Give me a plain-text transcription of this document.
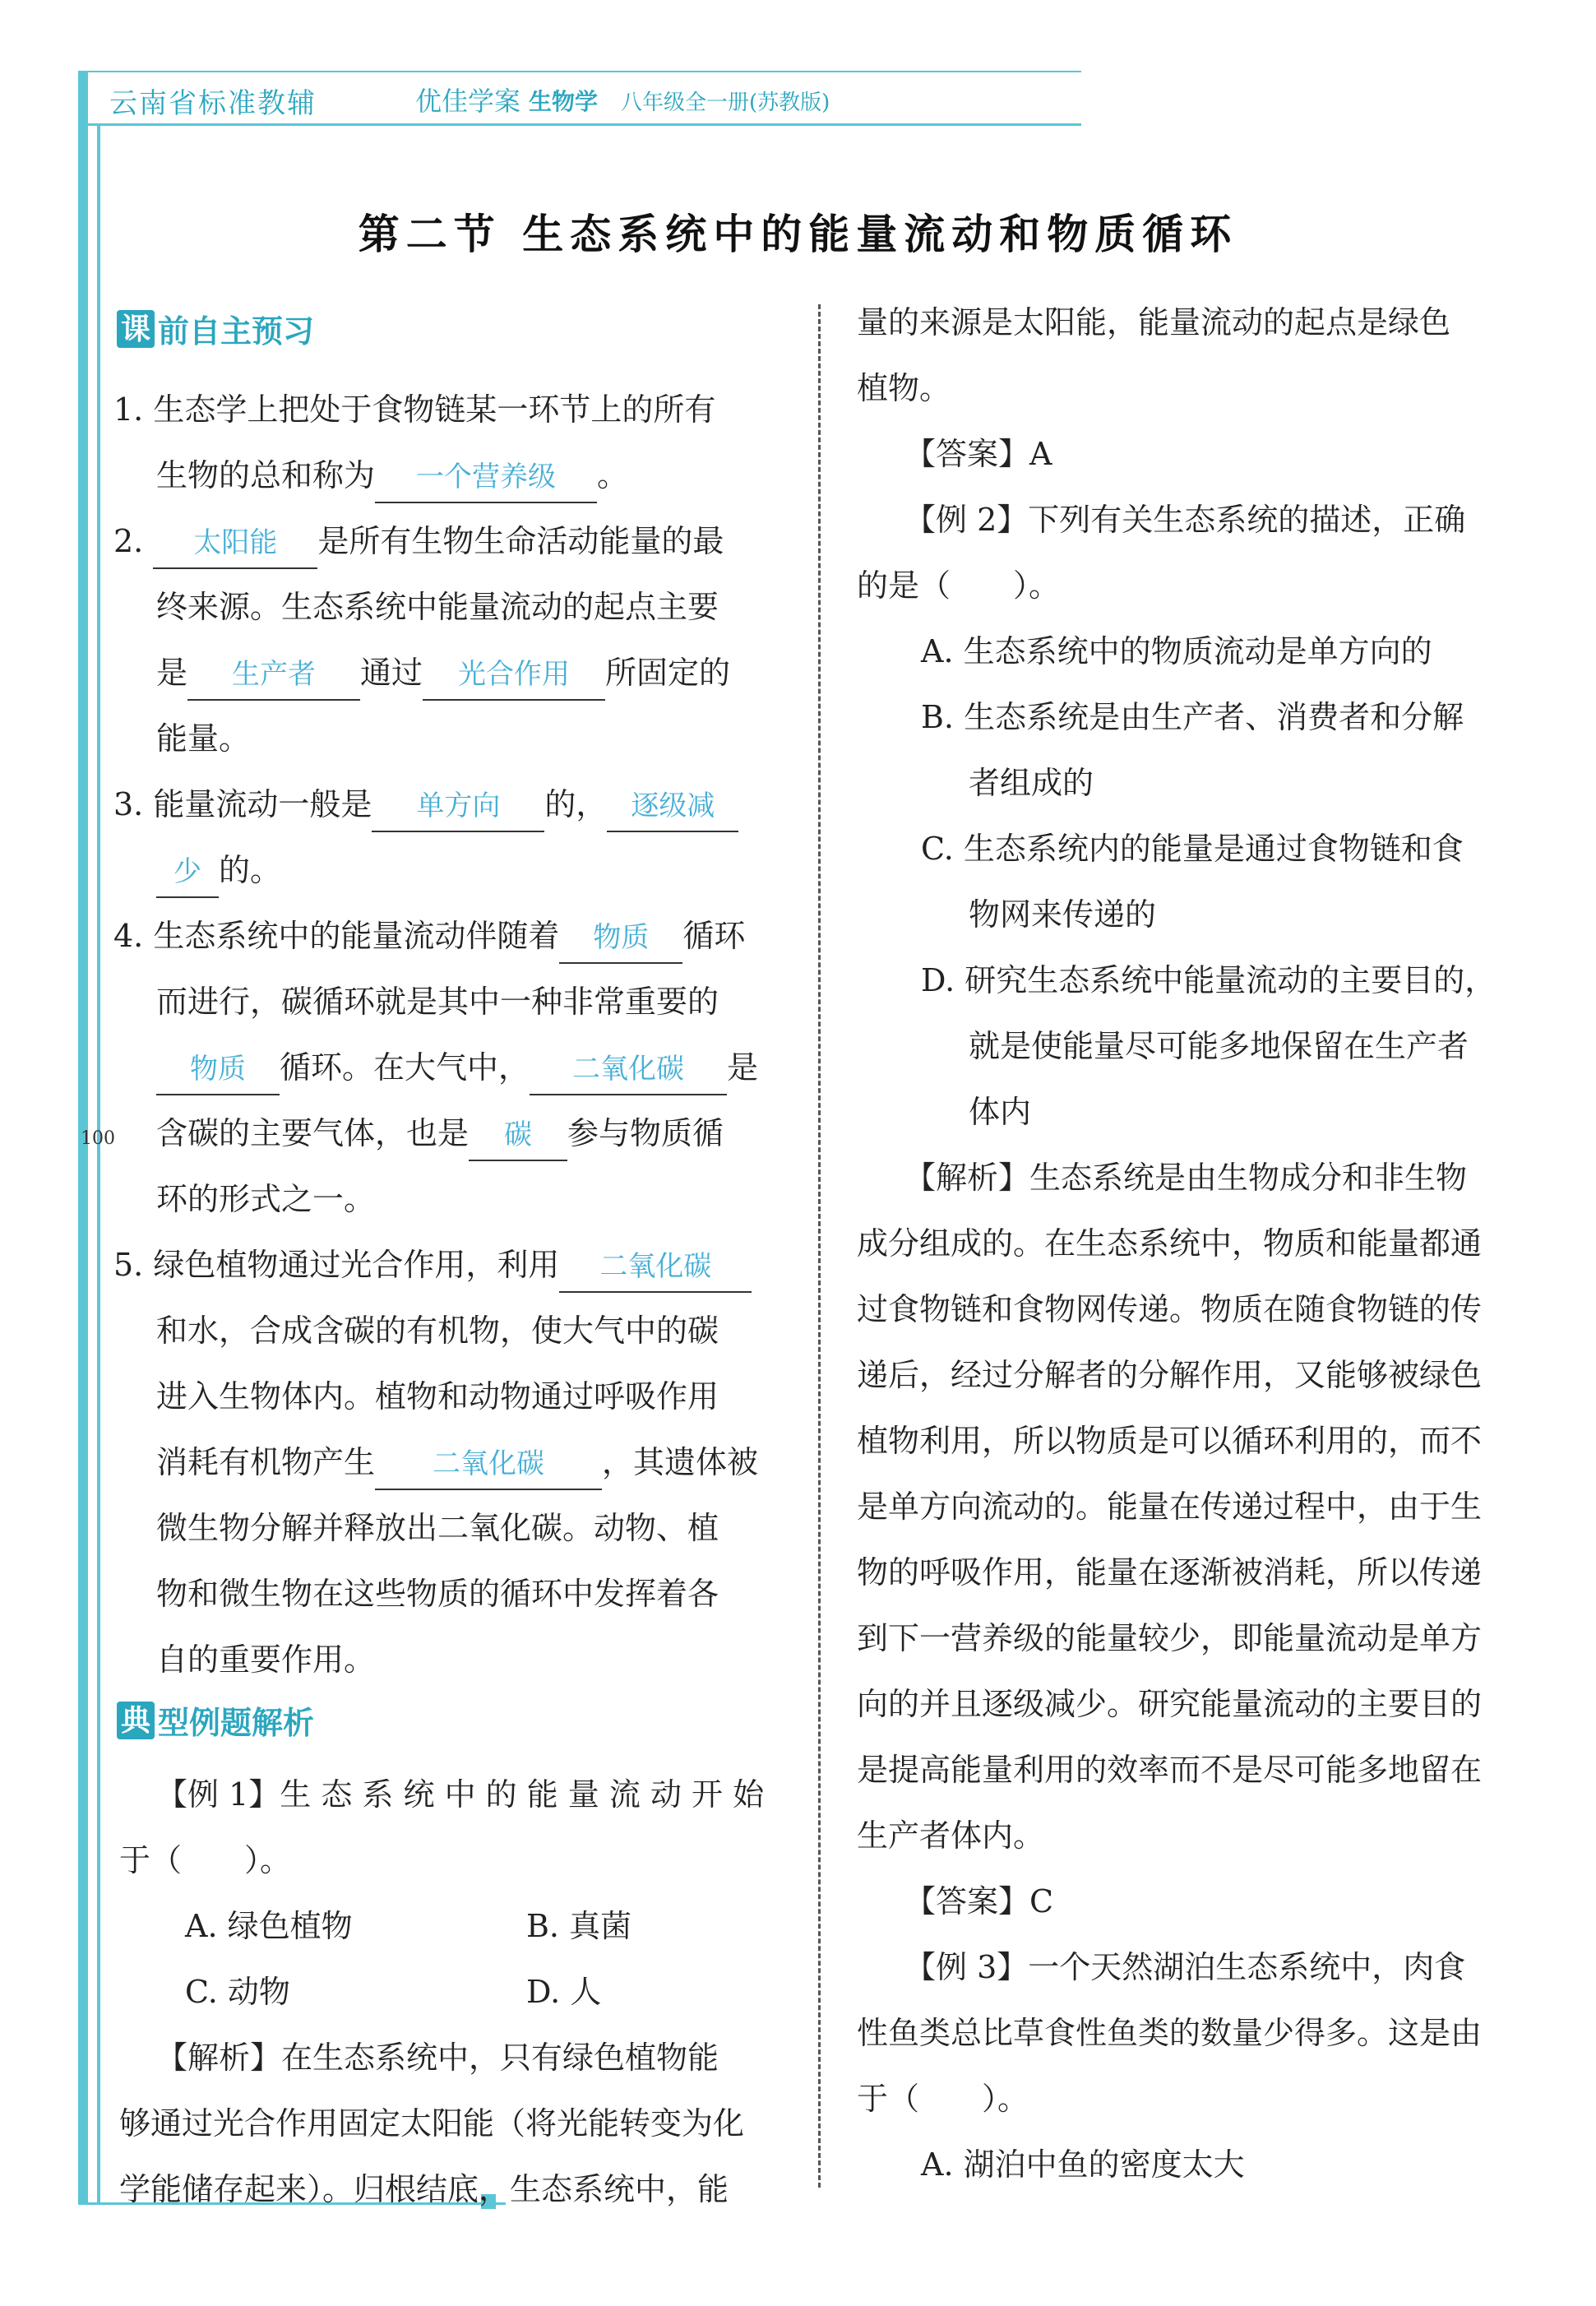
云南省标准教辅	优佳学案 生物学 八年级全一册(苏教版)
100
第二节 生态系统中的能量流动和物质循环
课 前自主预习
1. 生态学上把处于食物链某一环节上的所有
生物的总和称为 一个营养级 。
2. 太阳能 是所有生物生命活动能量的最
终来源。生态系统中能量流动的起点主要
是 生产者 通过 光合作用 所固定的
能量。
3. 能量流动一般是 单方向 的， 逐级减
少 的。
4. 生态系统中的能量流动伴随着 物质 循环
而进行，碳循环就是其中一种非常重要的
物质 循环。在大气中， 二氧化碳 是
含碳的主要气体，也是 碳 参与物质循
环的形式之一。
5. 绿色植物通过光合作用，利用 二氧化碳
和水，合成含碳的有机物，使大气中的碳
进入生物体内。植物和动物通过呼吸作用
消耗有机物产生 二氧化碳 ，其遗体被
微生物分解并释放出二氧化碳。动物、植
物和微生物在这些物质的循环中发挥着各
自的重要作用。
典 型例题解析
【例 1】生 态 系 统 中 的 能 量 流 动 开 始
于（　　）。
A. 绿色植物	B. 真菌
C. 动物	D. 人
【解析】在生态系统中，只有绿色植物能
够通过光合作用固定太阳能（将光能转变为化
学能储存起来）。归根结底，生态系统中，能
量的来源是太阳能，能量流动的起点是绿色
植物。
【答案】A
【例 2】下列有关生态系统的描述，正确
的是（　　）。
A. 生态系统中的物质流动是单方向的
B. 生态系统是由生产者、消费者和分解
者组成的
C. 生态系统内的能量是通过食物链和食
物网来传递的
D. 研究生态系统中能量流动的主要目的，
就是使能量尽可能多地保留在生产者
体内
【解析】生态系统是由生物成分和非生物
成分组成的。在生态系统中，物质和能量都通
过食物链和食物网传递。物质在随食物链的传
递后，经过分解者的分解作用，又能够被绿色
植物利用，所以物质是可以循环利用的，而不
是单方向流动的。能量在传递过程中，由于生
物的呼吸作用，能量在逐渐被消耗，所以传递
到下一营养级的能量较少，即能量流动是单方
向的并且逐级减少。研究能量流动的主要目的
是提高能量利用的效率而不是尽可能多地留在
生产者体内。
【答案】C
【例 3】一个天然湖泊生态系统中，肉食
性鱼类总比草食性鱼类的数量少得多。这是由
于（　　）。
A. 湖泊中鱼的密度太大
